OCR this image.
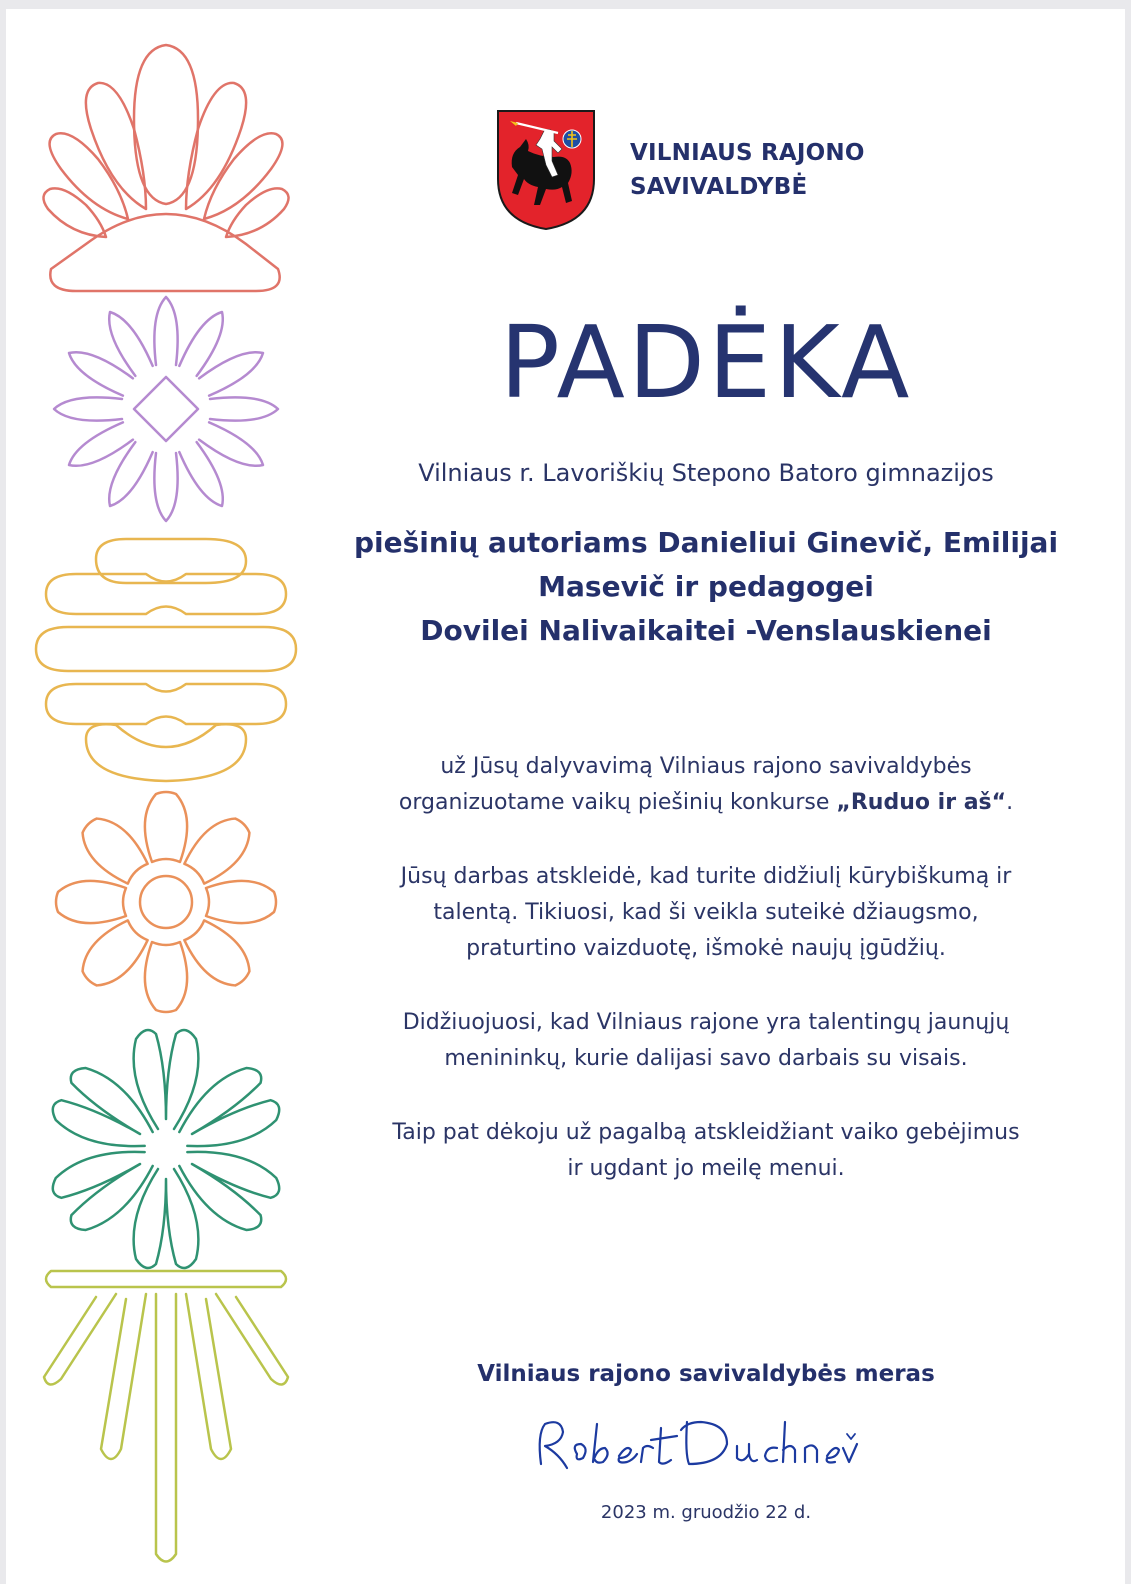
VILNIAUS RAJONO
SAVIVALDYBĖ
PADĖKA
Vilniaus r. Lavoriškių Stepono Batoro gimnazijos
piešinių autoriams Danieliui Ginevič, Emilijai
Masevič ir pedagogei
Dovilei Nalivaikaitei -Venslauskienei
už Jūsų dalyvavimą Vilniaus rajono savivaldybės
organizuotame vaikų piešinių konkurse „Ruduo ir aš“.
Jūsų darbas atskleidė, kad turite didžiulį kūrybiškumą ir
talentą. Tikiuosi, kad ši veikla suteikė džiaugsmo,
praturtino vaizduotę, išmokė naujų įgūdžių.
Didžiuojuosi, kad Vilniaus rajone yra talentingų jaunųjų
menininkų, kurie dalijasi savo darbais su visais.
Taip pat dėkoju už pagalbą atskleidžiant vaiko gebėjimus
ir ugdant jo meilę menui.
Vilniaus rajono savivaldybės meras
2023 m. gruodžio 22 d.
